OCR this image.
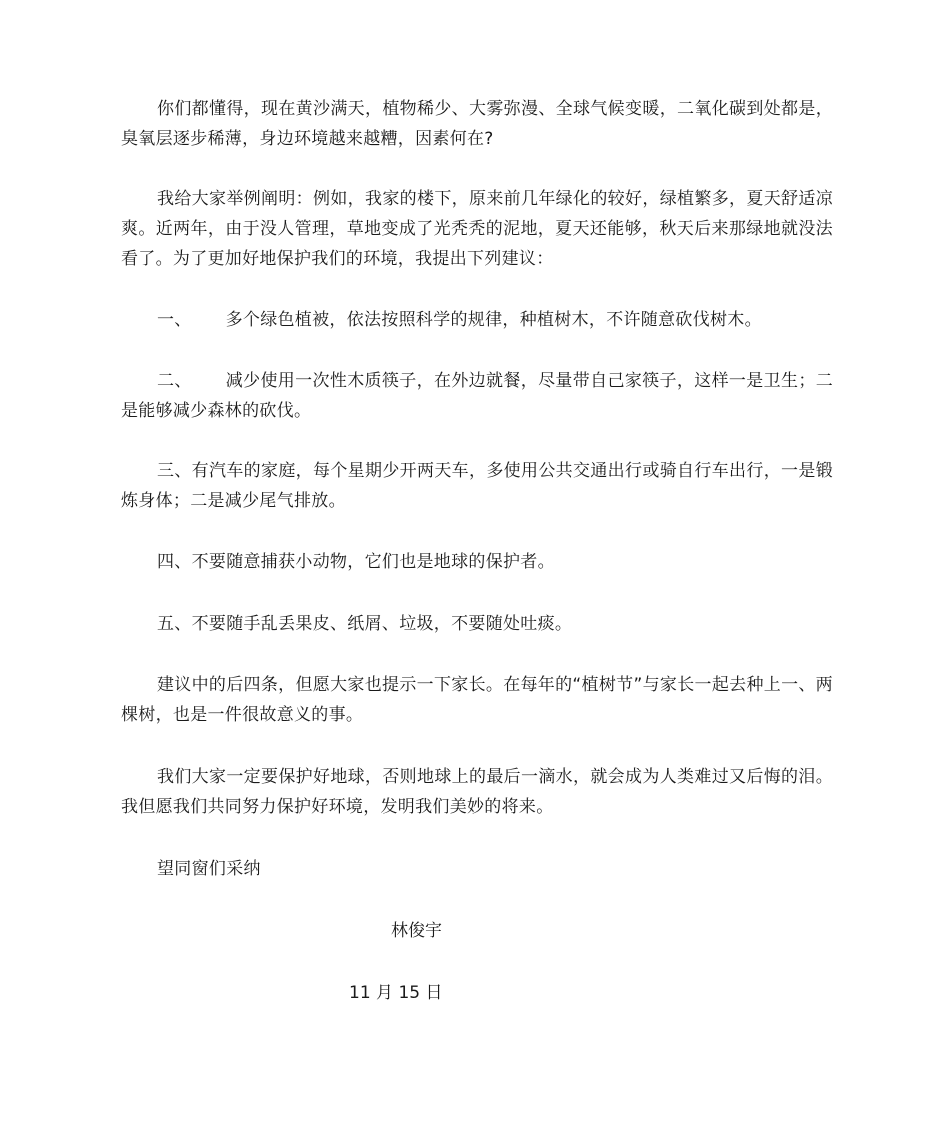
你们都懂得，现在黄沙满天，植物稀少、大雾弥漫、全球气候变暖，二氧化碳到处都是，臭氧层逐步稀薄，身边环境越来越糟，因素何在?

我给大家举例阐明：例如，我家的楼下，原来前几年绿化的较好，绿植繁多，夏天舒适凉爽。近两年，由于没人管理，草地变成了光秃秃的泥地，夏天还能够，秋天后来那绿地就没法看了。为了更加好地保护我们的环境，我提出下列建议：

一、 多个绿色植被，依法按照科学的规律，种植树木，不许随意砍伐树木。

二、 减少使用一次性木质筷子，在外边就餐，尽量带自己家筷子，这样一是卫生；二是能够减少森林的砍伐。

三、有汽车的家庭，每个星期少开两天车，多使用公共交通出行或骑自行车出行，一是锻炼身体；二是减少尾气排放。

四、不要随意捕获小动物，它们也是地球的保护者。

五、不要随手乱丢果皮、纸屑、垃圾，不要随处吐痰。

建议中的后四条，但愿大家也提示一下家长。在每年的“植树节”与家长一起去种上一、两棵树，也是一件很故意义的事。

我们大家一定要保护好地球，否则地球上的最后一滴水，就会成为人类难过又后悔的泪。我但愿我们共同努力保护好环境，发明我们美妙的将来。

望同窗们采纳

林俊宇

11 月 15 日
